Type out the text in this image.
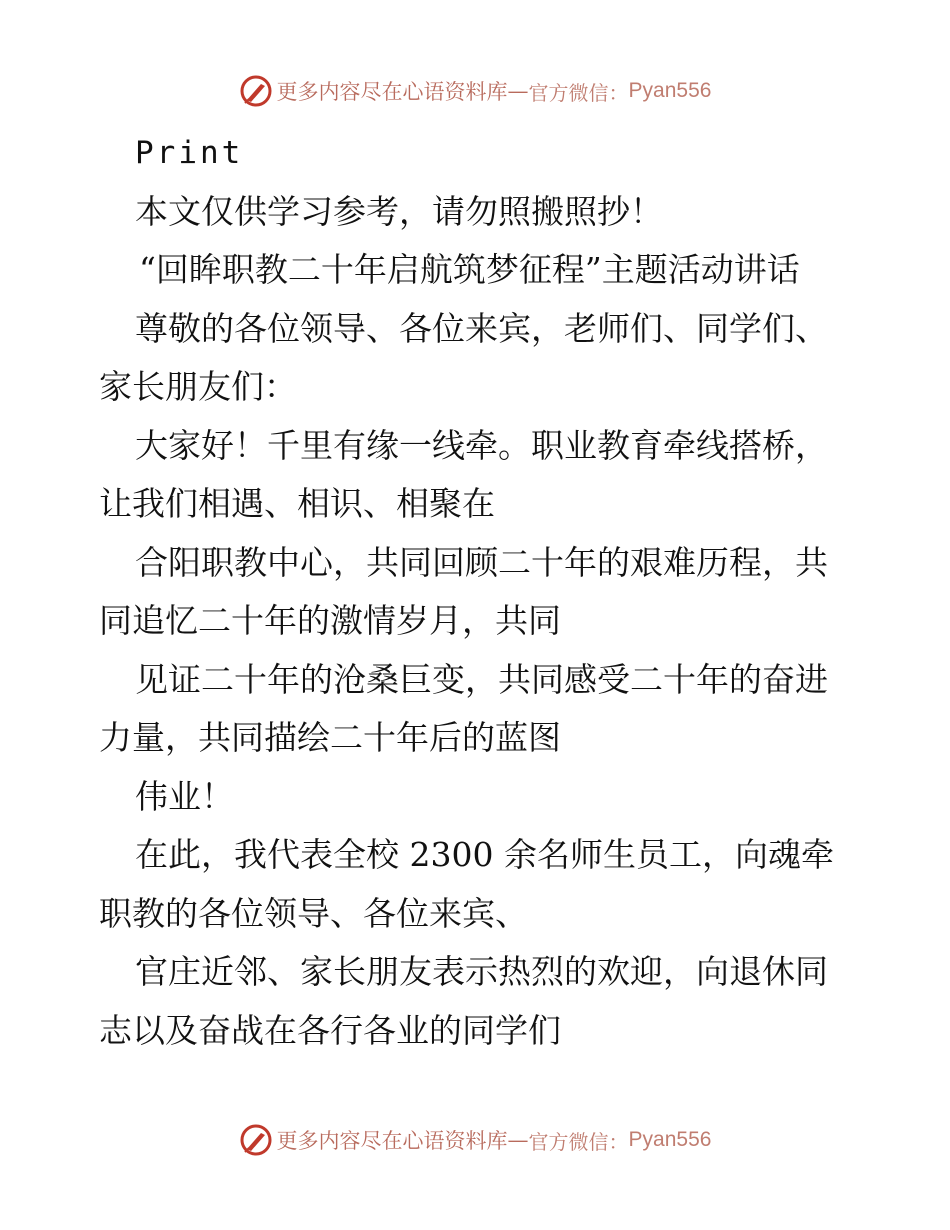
更多内容尽在心语资料库 — 官方微信： Pyan556

Print

本文仅供学习参考，请勿照搬照抄！

“回眸职教二十年启航筑梦征程”主题活动讲话

尊敬的各位领导、各位来宾，老师们、同学们、家长朋友们：

大家好！千里有缘一线牵。职业教育牵线搭桥，让我们相遇、相识、相聚在

合阳职教中心，共同回顾二十年的艰难历程，共同追忆二十年的激情岁月，共同

见证二十年的沧桑巨变，共同感受二十年的奋进力量，共同描绘二十年后的蓝图

伟业！

在此，我代表全校 2300 余名师生员工，向魂牵职教的各位领导、各位来宾、

官庄近邻、家长朋友表示热烈的欢迎，向退休同志以及奋战在各行各业的同学们

更多内容尽在心语资料库 — 官方微信： Pyan556
